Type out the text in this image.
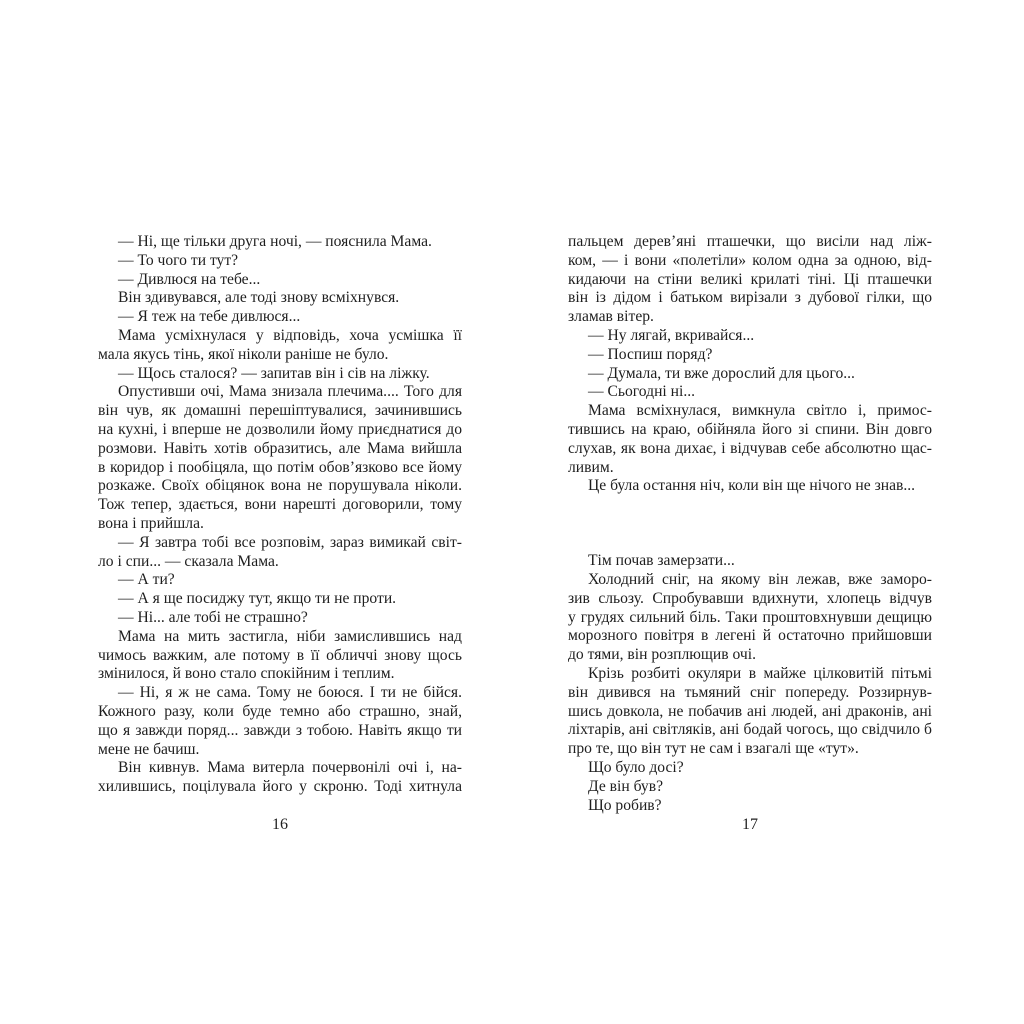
— Ні, ще тільки друга ночі, — пояснила Мама.
— То чого ти тут?
— Дивлюся на тебе...
Він здивувався, але тоді знову всміхнувся.
— Я теж на тебе дивлюся...
Мама усміхнулася у відповідь, хоча усмішка її
мала якусь тінь, якої ніколи раніше не було.
— Щось сталося? — запитав він і сів на ліжку.
Опустивши очі, Мама знизала плечима.... Того для
він чув, як домашні перешіптувалися, зачинившись
на кухні, і вперше не дозволили йому приєднатися до
розмови. Навіть хотів образитись, але Мама вийшла
в коридор і пообіцяла, що потім обов’язково все йому
розкаже. Своїх обіцянок вона не порушувала ніколи.
Тож тепер, здається, вони нарешті договорили, тому
вона і прийшла.
— Я завтра тобі все розповім, зараз вимикай світ-
ло і спи... — сказала Мама.
— А ти?
— А я ще посиджу тут, якщо ти не проти.
— Ні... але тобі не страшно?
Мама на мить застигла, ніби замислившись над
чимось важким, але потому в її обличчі знову щось
змінилося, й воно стало спокійним і теплим.
— Ні, я ж не сама. Тому не боюся. І ти не бійся.
Кожного разу, коли буде темно або страшно, знай,
що я завжди поряд... завжди з тобою. Навіть якщо ти
мене не бачиш.
Він кивнув. Мама витерла почервонілі очі і, на-
хилившись, поцілувала його у скроню. Тоді хитнула
пальцем дерев’яні пташечки, що висіли над ліж-
ком, — і вони «полетіли» колом одна за одною, від-
кидаючи на стіни великі крилаті тіні. Ці пташечки
він із дідом і батьком вирізали з дубової гілки, що
зламав вітер.
— Ну лягай, вкривайся...
— Поспиш поряд?
— Думала, ти вже дорослий для цього...
— Сьогодні ні...
Мама всміхнулася, вимкнула світло і, примос-
тившись на краю, обійняла його зі спини. Він довго
слухав, як вона дихає, і відчував себе абсолютно щас-
ливим.
Це була остання ніч, коли він ще нічого не знав...
Тім почав замерзати...
Холодний сніг, на якому він лежав, вже заморо-
зив сльозу. Спробувавши вдихнути, хлопець відчув
у грудях сильний біль. Таки проштовхнувши дещицю
морозного повітря в легені й остаточно прийшовши
до тями, він розплющив очі.
Крізь розбиті окуляри в майже цілковитій пітьмі
він дивився на тьмяний сніг попереду. Роззирнув-
шись довкола, не побачив ані людей, ані драконів, ані
ліхтарів, ані світляків, ані бодай чогось, що свідчило б
про те, що він тут не сам і взагалі ще «тут».
Що було досі?
Де він був?
Що робив?
16	17
